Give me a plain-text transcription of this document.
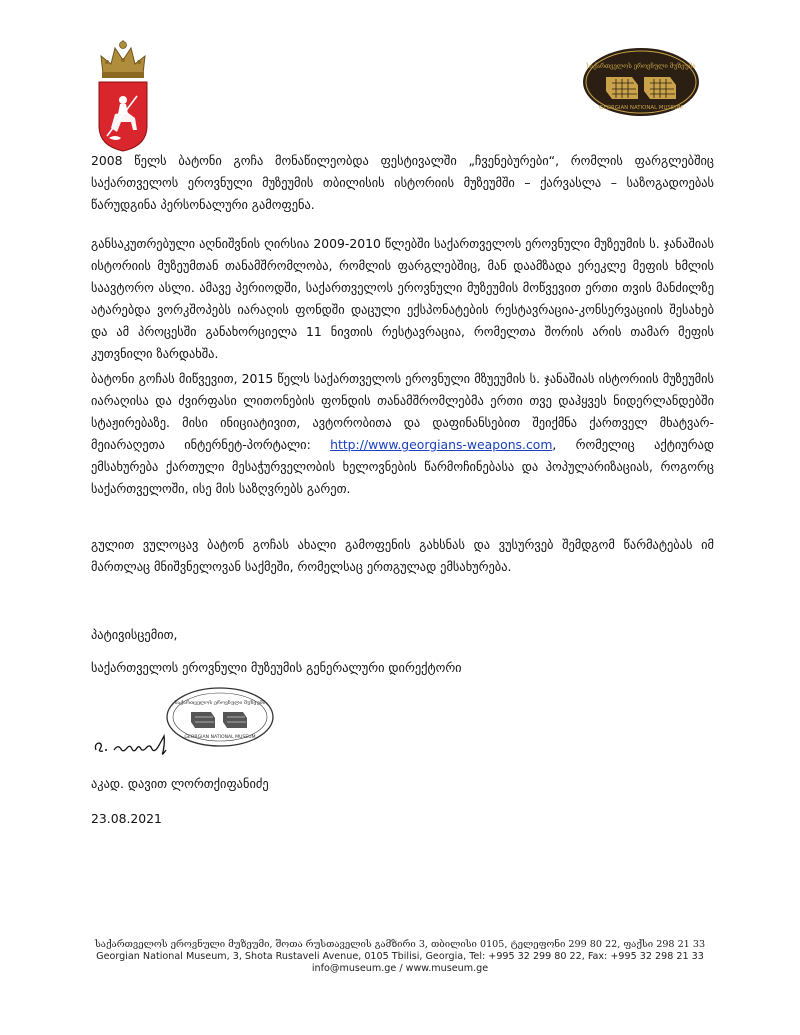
საქართველოს ეროვნული მუზეუმი
GEORGIAN NATIONAL MUSEUM
2008 წელს ბატონი გოჩა მონაწილეობდა ფესტივალში „ჩვენებურები“, რომლის ფარგლებშიც საქართველოს ეროვნული მუზეუმის თბილისის ისტორიის მუზეუმში – ქარვასლა – საზოგადოებას წარუდგინა პერსონალური გამოფენა.
განსაკუთრებული აღნიშვნის ღირსია 2009-2010 წლებში საქართველოს ეროვნული მუზეუმის ს. ჯანაშიას ისტორიის მუზეუმთან თანამშრომლობა, რომლის ფარგლებშიც, მან დაამზადა ერეკლე მეფის ხმლის საავტორო ასლი. ამავე პერიოდში, საქართველოს ეროვნული მუზეუმის მოწვევით ერთი თვის მანძილზე ატარებდა ვორკშოპებს იარაღის ფონდში დაცული ექსპონატების რესტავრაცია-კონსერვაციის შესახებ და ამ პროცესში განახორციელა 11 ნივთის რესტავრაცია, რომელთა შორის არის თამარ მეფის კუთვნილი ზარდახშა.
ბატონი გოჩას მიწვევით, 2015 წელს საქართველოს ეროვნული მზუეუმის ს. ჯანაშიას ისტორიის მუზეუმის იარაღისა და ძვირფასი ლითონების ფონდის თანამშრომლებმა ერთი თვე დაჰყვეს ნიდერლანდებში სტაჟირებაზე. მისი ინიციატივით, ავტორობითა და დაფინანსებით შეიქმნა ქართველ მხატვარ-მეიარაღეთა ინტერნეტ-პორტალი: http://www.georgians-weapons.com, რომელიც აქტიურად ემსახურება ქართული მესაჭურველობის ხელოვნების წარმოჩინებასა და პოპულარიზაციას, როგორც საქართველოში, ისე მის საზღვრებს გარეთ.
გულით ვულოცავ ბატონ გოჩას ახალი გამოფენის გახსნას და ვუსურვებ შემდგომ წარმატებას იმ მართლაც მნიშვნელოვან საქმეში, რომელსაც ერთგულად ემსახურება.
პატივისცემით,
საქართველოს ეროვნული მუზეუმის გენერალური დირექტორი
საქართველოს ეროვნული მუზეუმი
GEORGIAN NATIONAL MUSEUM
აკად. დავით ლორთქიფანიძე
23.08.2021
საქართველოს ეროვნული მუზეუმი, შოთა რუსთაველის გამზირი 3, თბილისი 0105, ტელეფონი 299 80 22, ფაქსი 298 21 33
Georgian National Museum, 3, Shota Rustaveli Avenue, 0105 Tbilisi, Georgia, Tel: +995 32 299 80 22, Fax: +995 32 298 21 33
info@museum.ge / www.museum.ge
